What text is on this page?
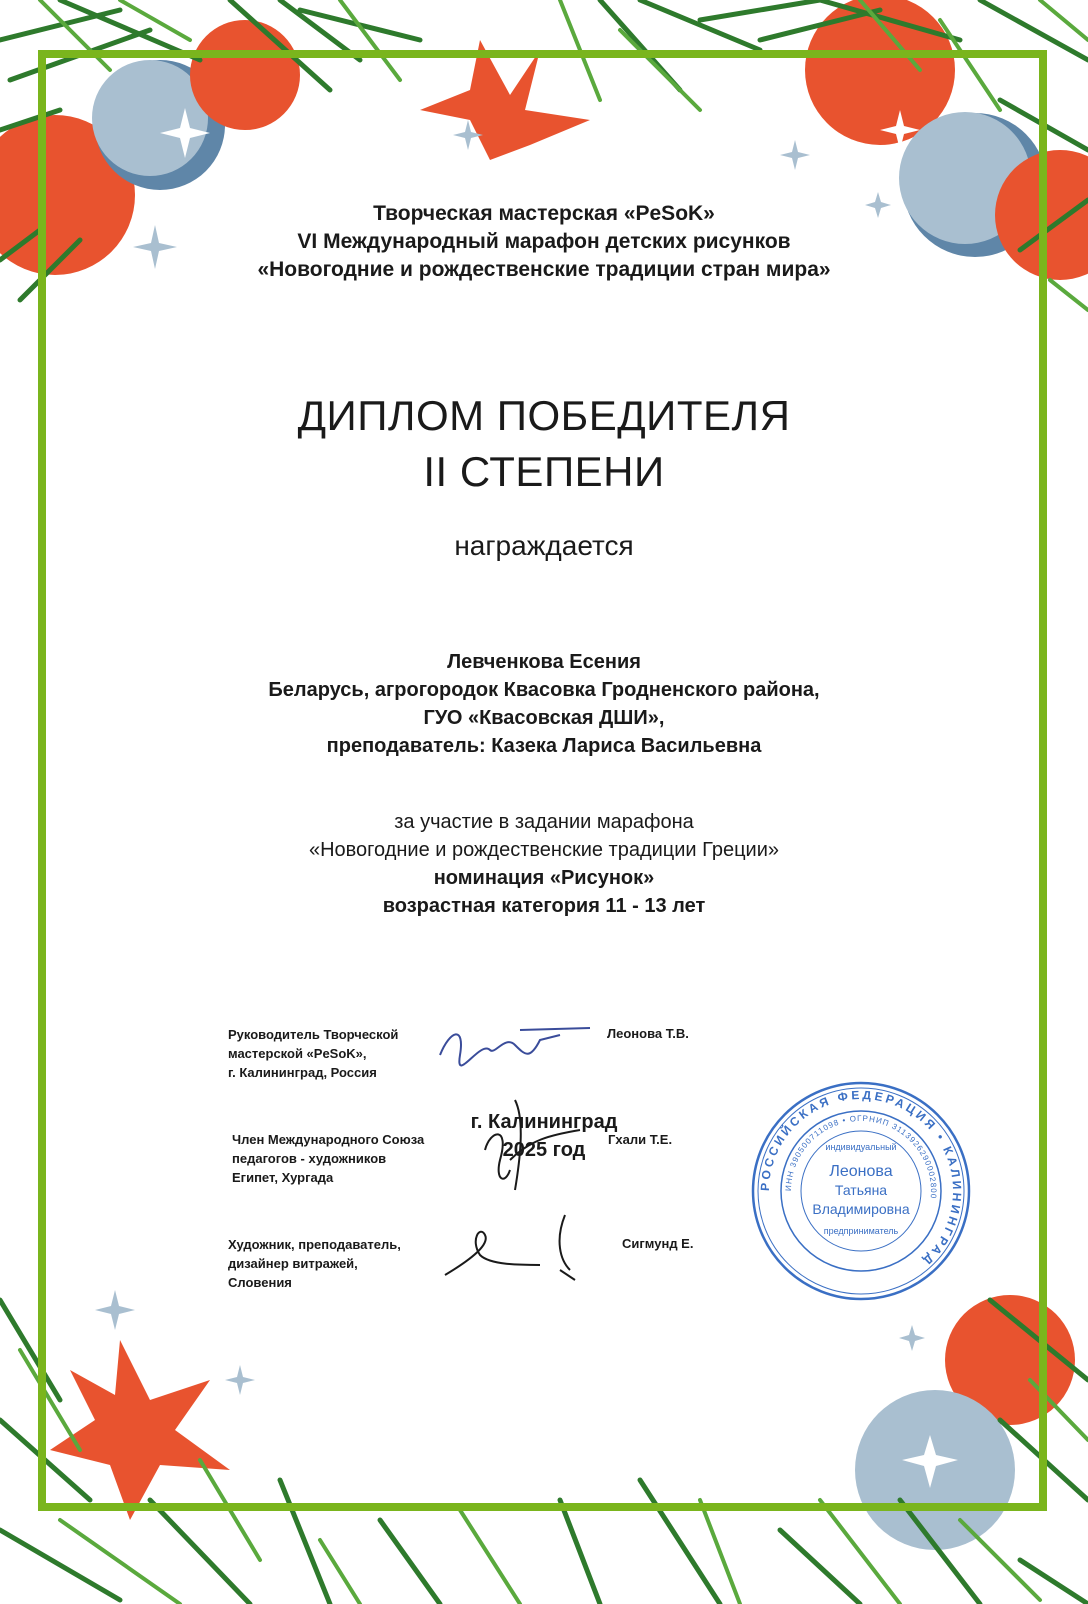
Творческая мастерская «PeSoK»
VI Международный марафон детских рисунков
«Новогодние и рождественские традиции стран мира»
ДИПЛОМ ПОБЕДИТЕЛЯ
II СТЕПЕНИ
награждается
Левченкова Есения
Беларусь, агрогородок Квасовка Гродненского района,
ГУО «Квасовская ДШИ»,
преподаватель: Казека Лариса Васильевна
за участие в задании марафона
«Новогодние и рождественские традиции Греции»
номинация «Рисунок»
возрастная категория 11 - 13 лет
Руководитель Творческой
мастерской «PeSoK»,
г. Калининград, Россия
Леонова Т.В.
Член Международного Союза
педагогов - художников
Египет, Хургада
Гхали Т.Е.
Художник, преподаватель,
дизайнер витражей,
Словения
Сигмунд Е.
РОССИЙСКАЯ ФЕДЕРАЦИЯ • КАЛИНИНГРАД
ИНН 390500711098 • ОГРНИП 3113926290002800
индивидуальный
Леонова
Татьяна
Владимировна
предприниматель
г. Калининград
2025 год
